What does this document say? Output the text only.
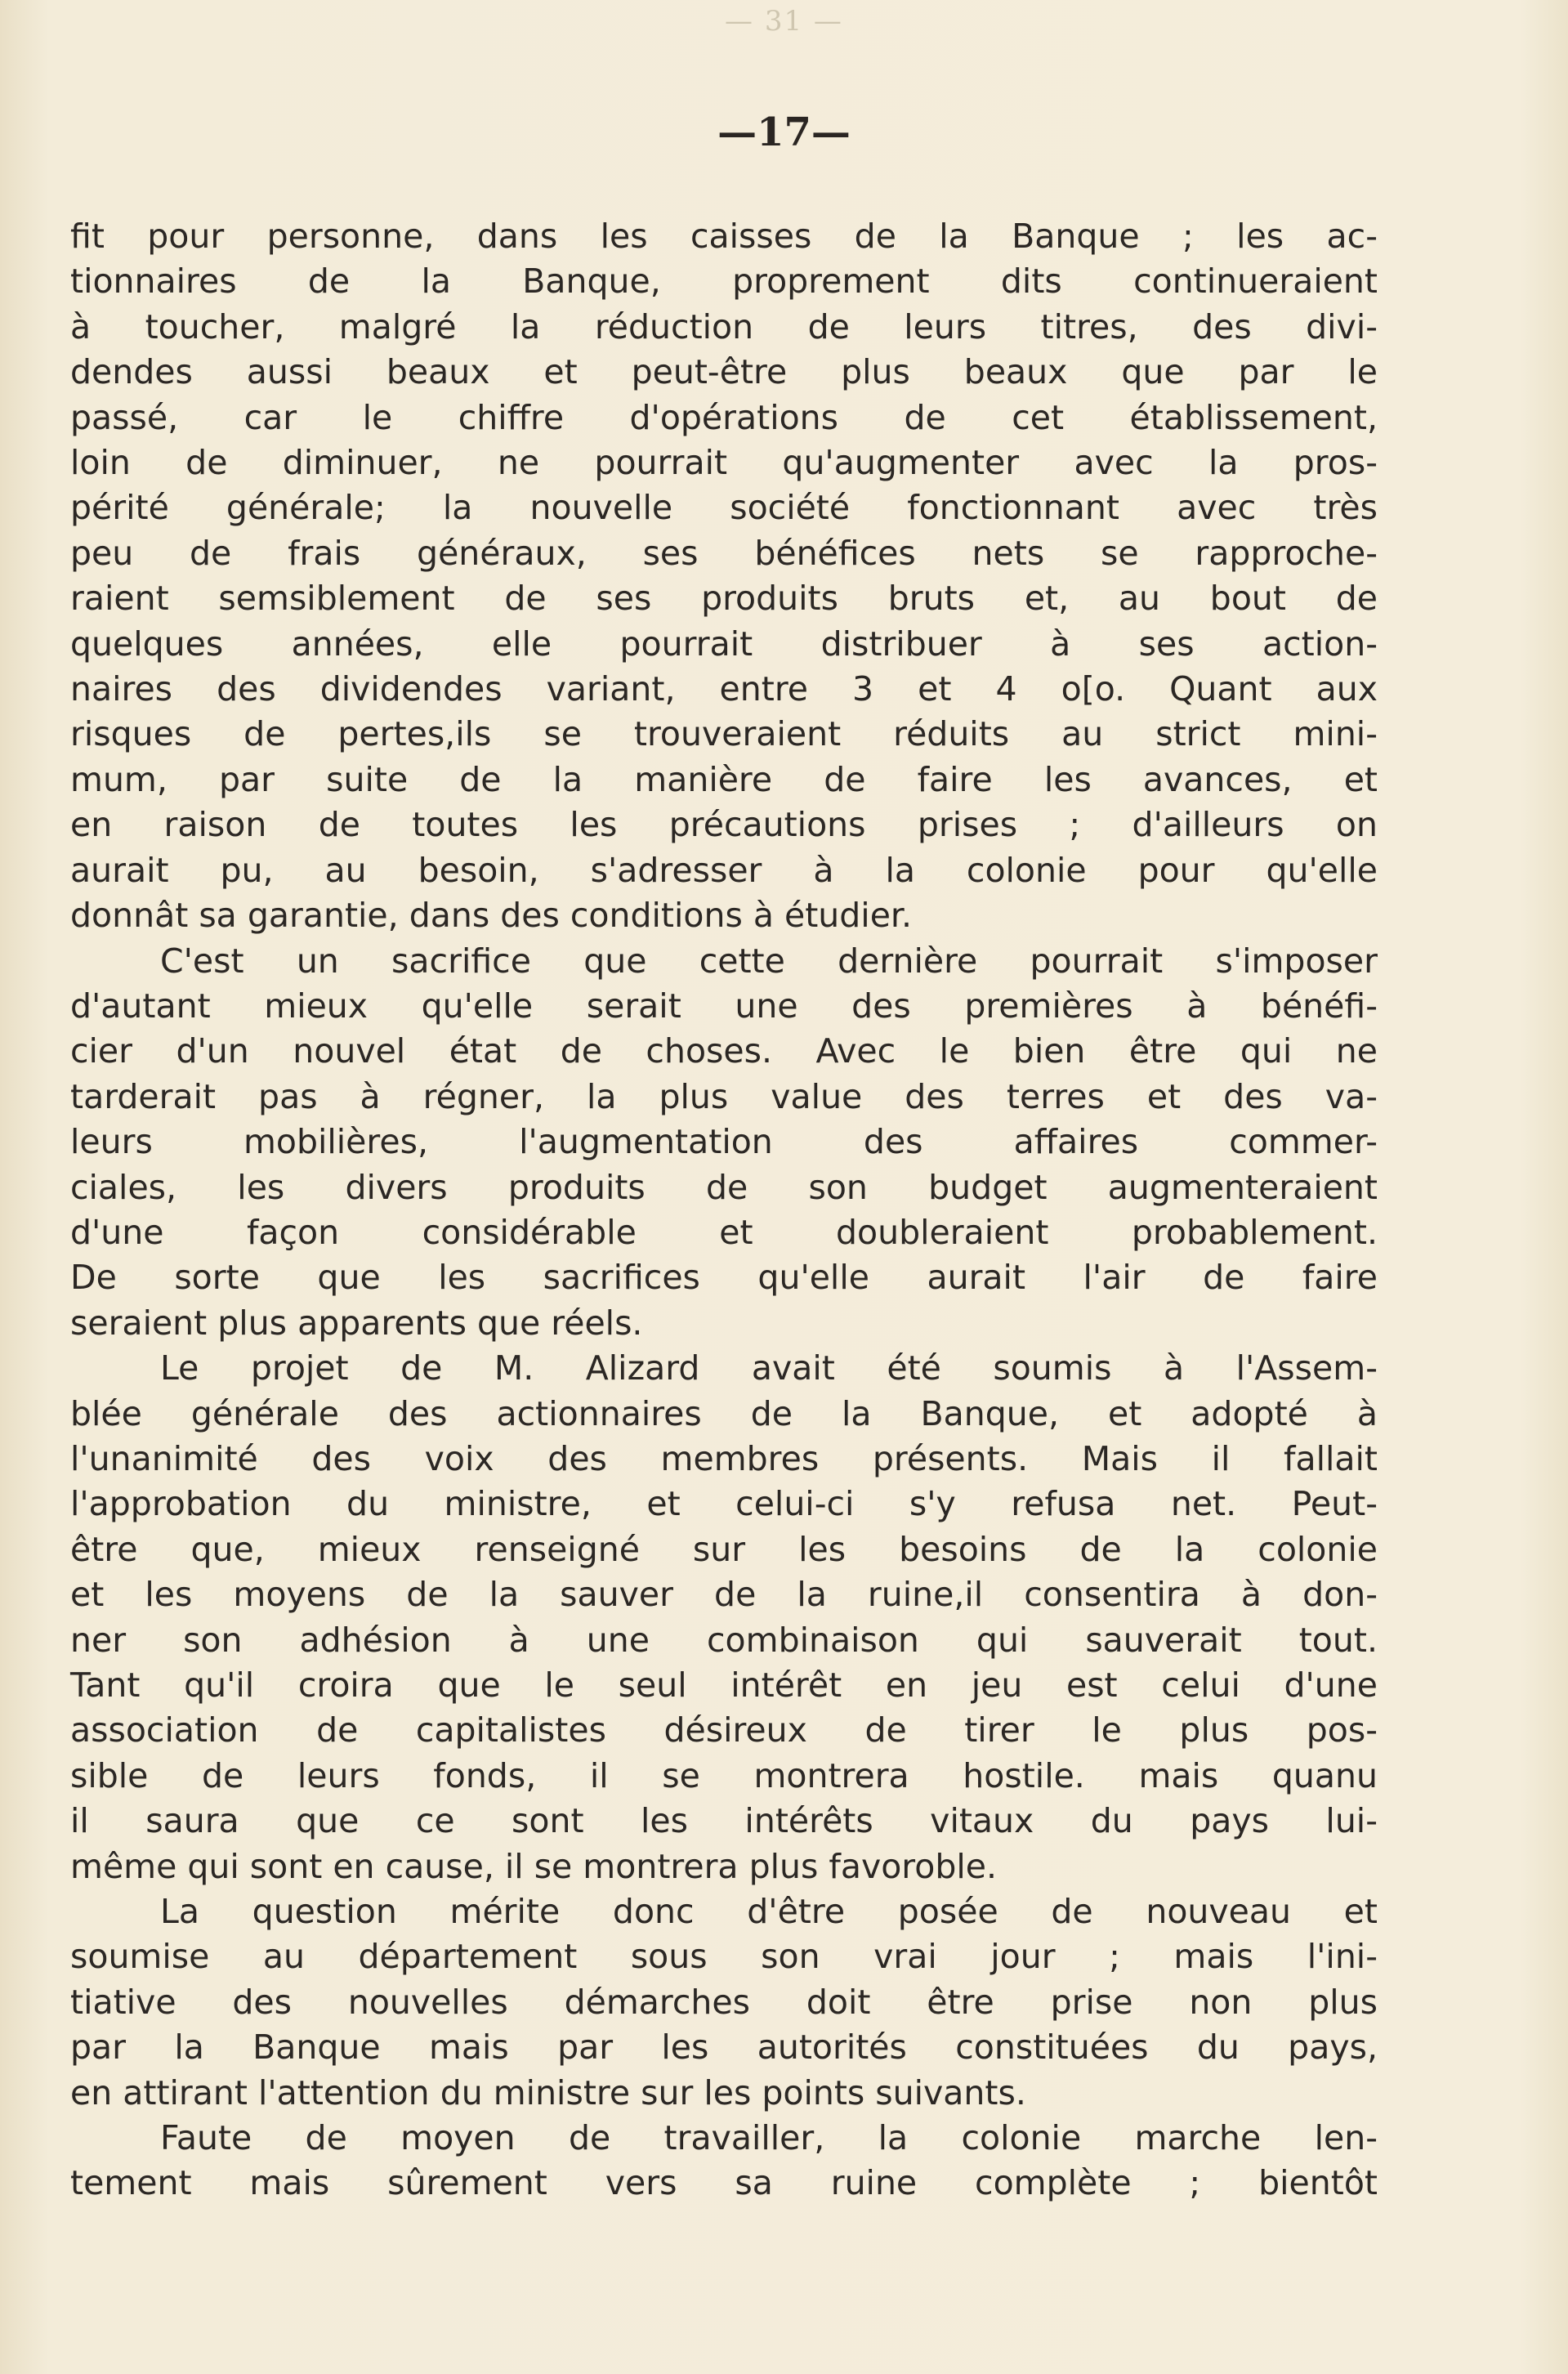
— 31 —

—17—

fit pour personne, dans les caisses de la Banque ; les ac-
tionnaires de la Banque, proprement dits continueraient
à toucher, malgré la réduction de leurs titres, des divi-
dendes aussi beaux et peut-être plus beaux que par le
passé, car le chiffre d'opérations de cet établissement,
loin de diminuer, ne pourrait qu'augmenter avec la pros-
périté générale; la nouvelle société fonctionnant avec très
peu de frais généraux, ses bénéfices nets se rapproche-
raient semsiblement de ses produits bruts et, au bout de
quelques années, elle pourrait distribuer à ses action-
naires des dividendes variant, entre 3 et 4 o[o. Quant aux
risques de pertes,ils se trouveraient réduits au strict mini-
mum, par suite de la manière de faire les avances, et
en raison de toutes les précautions prises ; d'ailleurs on
aurait pu, au besoin, s'adresser à la colonie pour qu'elle
donnât sa garantie, dans des conditions à étudier.

C'est un sacrifice que cette dernière pourrait s'imposer
d'autant mieux qu'elle serait une des premières à bénéfi-
cier d'un nouvel état de choses. Avec le bien être qui ne
tarderait pas à régner, la plus value des terres et des va-
leurs mobilières, l'augmentation des affaires commer-
ciales, les divers produits de son budget augmenteraient
d'une façon considérable et doubleraient probablement.
De sorte que les sacrifices qu'elle aurait l'air de faire
seraient plus apparents que réels.

Le projet de M. Alizard avait été soumis à l'Assem-
blée générale des actionnaires de la Banque, et adopté à
l'unanimité des voix des membres présents. Mais il fallait
l'approbation du ministre, et celui-ci s'y refusa net. Peut-
être que, mieux renseigné sur les besoins de la colonie
et les moyens de la sauver de la ruine,il consentira à don-
ner son adhésion à une combinaison qui sauverait tout.
Tant qu'il croira que le seul intérêt en jeu est celui d'une
association de capitalistes désireux de tirer le plus pos-
sible de leurs fonds, il se montrera hostile. mais quanu
il saura que ce sont les intérêts vitaux du pays lui-
même qui sont en cause, il se montrera plus favoroble.

La question mérite donc d'être posée de nouveau et
soumise au département sous son vrai jour ; mais l'ini-
tiative des nouvelles démarches doit être prise non plus
par la Banque mais par les autorités constituées du pays,
en attirant l'attention du ministre sur les points suivants.

Faute de moyen de travailler, la colonie marche len-
tement mais sûrement vers sa ruine complète ; bientôt
